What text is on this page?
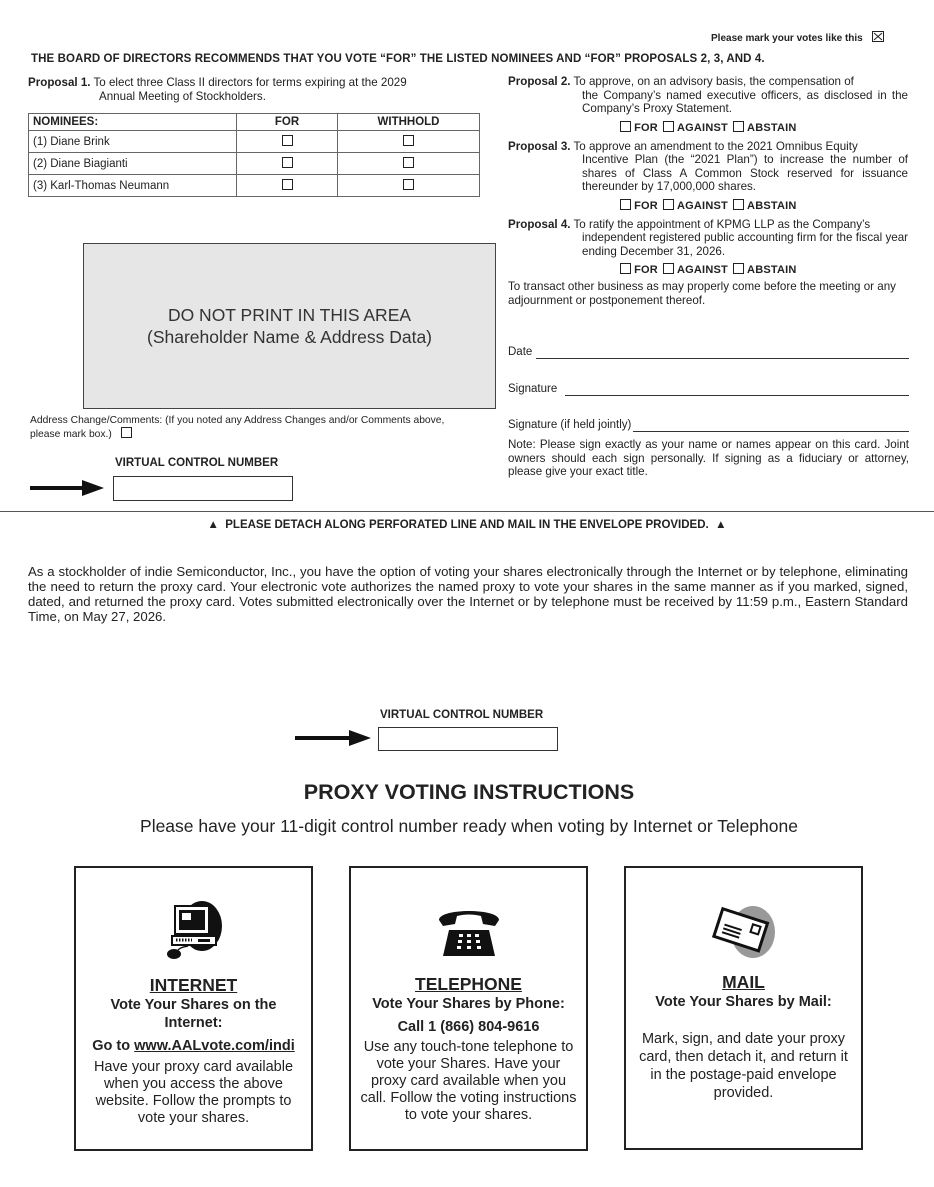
Please mark your votes like this
THE BOARD OF DIRECTORS RECOMMENDS THAT YOU VOTE “FOR” THE LISTED NOMINEES AND “FOR” PROPOSALS 2, 3, AND 4.
Proposal 1. To elect three Class II directors for terms expiring at the 2029
Annual Meeting of Stockholders.
NOMINEES:	FOR	WITHHOLD
(1) Diane Brink		
(2) Diane Biagianti		
(3) Karl-Thomas Neumann		
DO NOT PRINT IN THIS AREA
(Shareholder Name & Address Data)
Address Change/Comments: (If you noted any Address Changes and/or Comments above, please mark box.)
VIRTUAL CONTROL NUMBER
Proposal 2. To approve, on an advisory basis, the compensation of
the Company’s named executive officers, as disclosed in the Company’s Proxy Statement.
FOR AGAINST ABSTAIN
Proposal 3. To approve an amendment to the 2021 Omnibus Equity
Incentive Plan (the “2021 Plan”) to increase the number of shares of Class A Common Stock reserved for issuance thereunder by 17,000,000 shares.
FOR AGAINST ABSTAIN
Proposal 4. To ratify the appointment of KPMG LLP as the Company’s
independent registered public accounting firm for the fiscal year ending December 31, 2026.
FOR AGAINST ABSTAIN
To transact other business as may properly come before the meeting or any adjournment or postponement thereof.
Date
Signature
Signature (if held jointly)
Note: Please sign exactly as your name or names appear on this card. Joint owners should each sign personally. If signing as a fiduciary or attorney, please give your exact title.
▲ PLEASE DETACH ALONG PERFORATED LINE AND MAIL IN THE ENVELOPE PROVIDED. ▲
As a stockholder of indie Semiconductor, Inc., you have the option of voting your shares electronically through the Internet or by telephone, eliminating the need to return the proxy card. Your electronic vote authorizes the named proxy to vote your shares in the same manner as if you marked, signed, dated, and returned the proxy card. Votes submitted electronically over the Internet or by telephone must be received by 11:59 p.m., Eastern Standard Time, on May 27, 2026.
VIRTUAL CONTROL NUMBER
PROXY VOTING INSTRUCTIONS
Please have your 11-digit control number ready when voting by Internet or Telephone
INTERNET
Vote Your Shares on the Internet:
Go to www.AALvote.com/indi
Have your proxy card available when you access the above website. Follow the prompts to vote your shares.
TELEPHONE
Vote Your Shares by Phone:
Call 1 (866) 804-9616
Use any touch-tone telephone to vote your Shares. Have your proxy card available when you call. Follow the voting instructions to vote your shares.
MAIL
Vote Your Shares by Mail:
Mark, sign, and date your proxy card, then detach it, and return it in the postage-paid envelope provided.
